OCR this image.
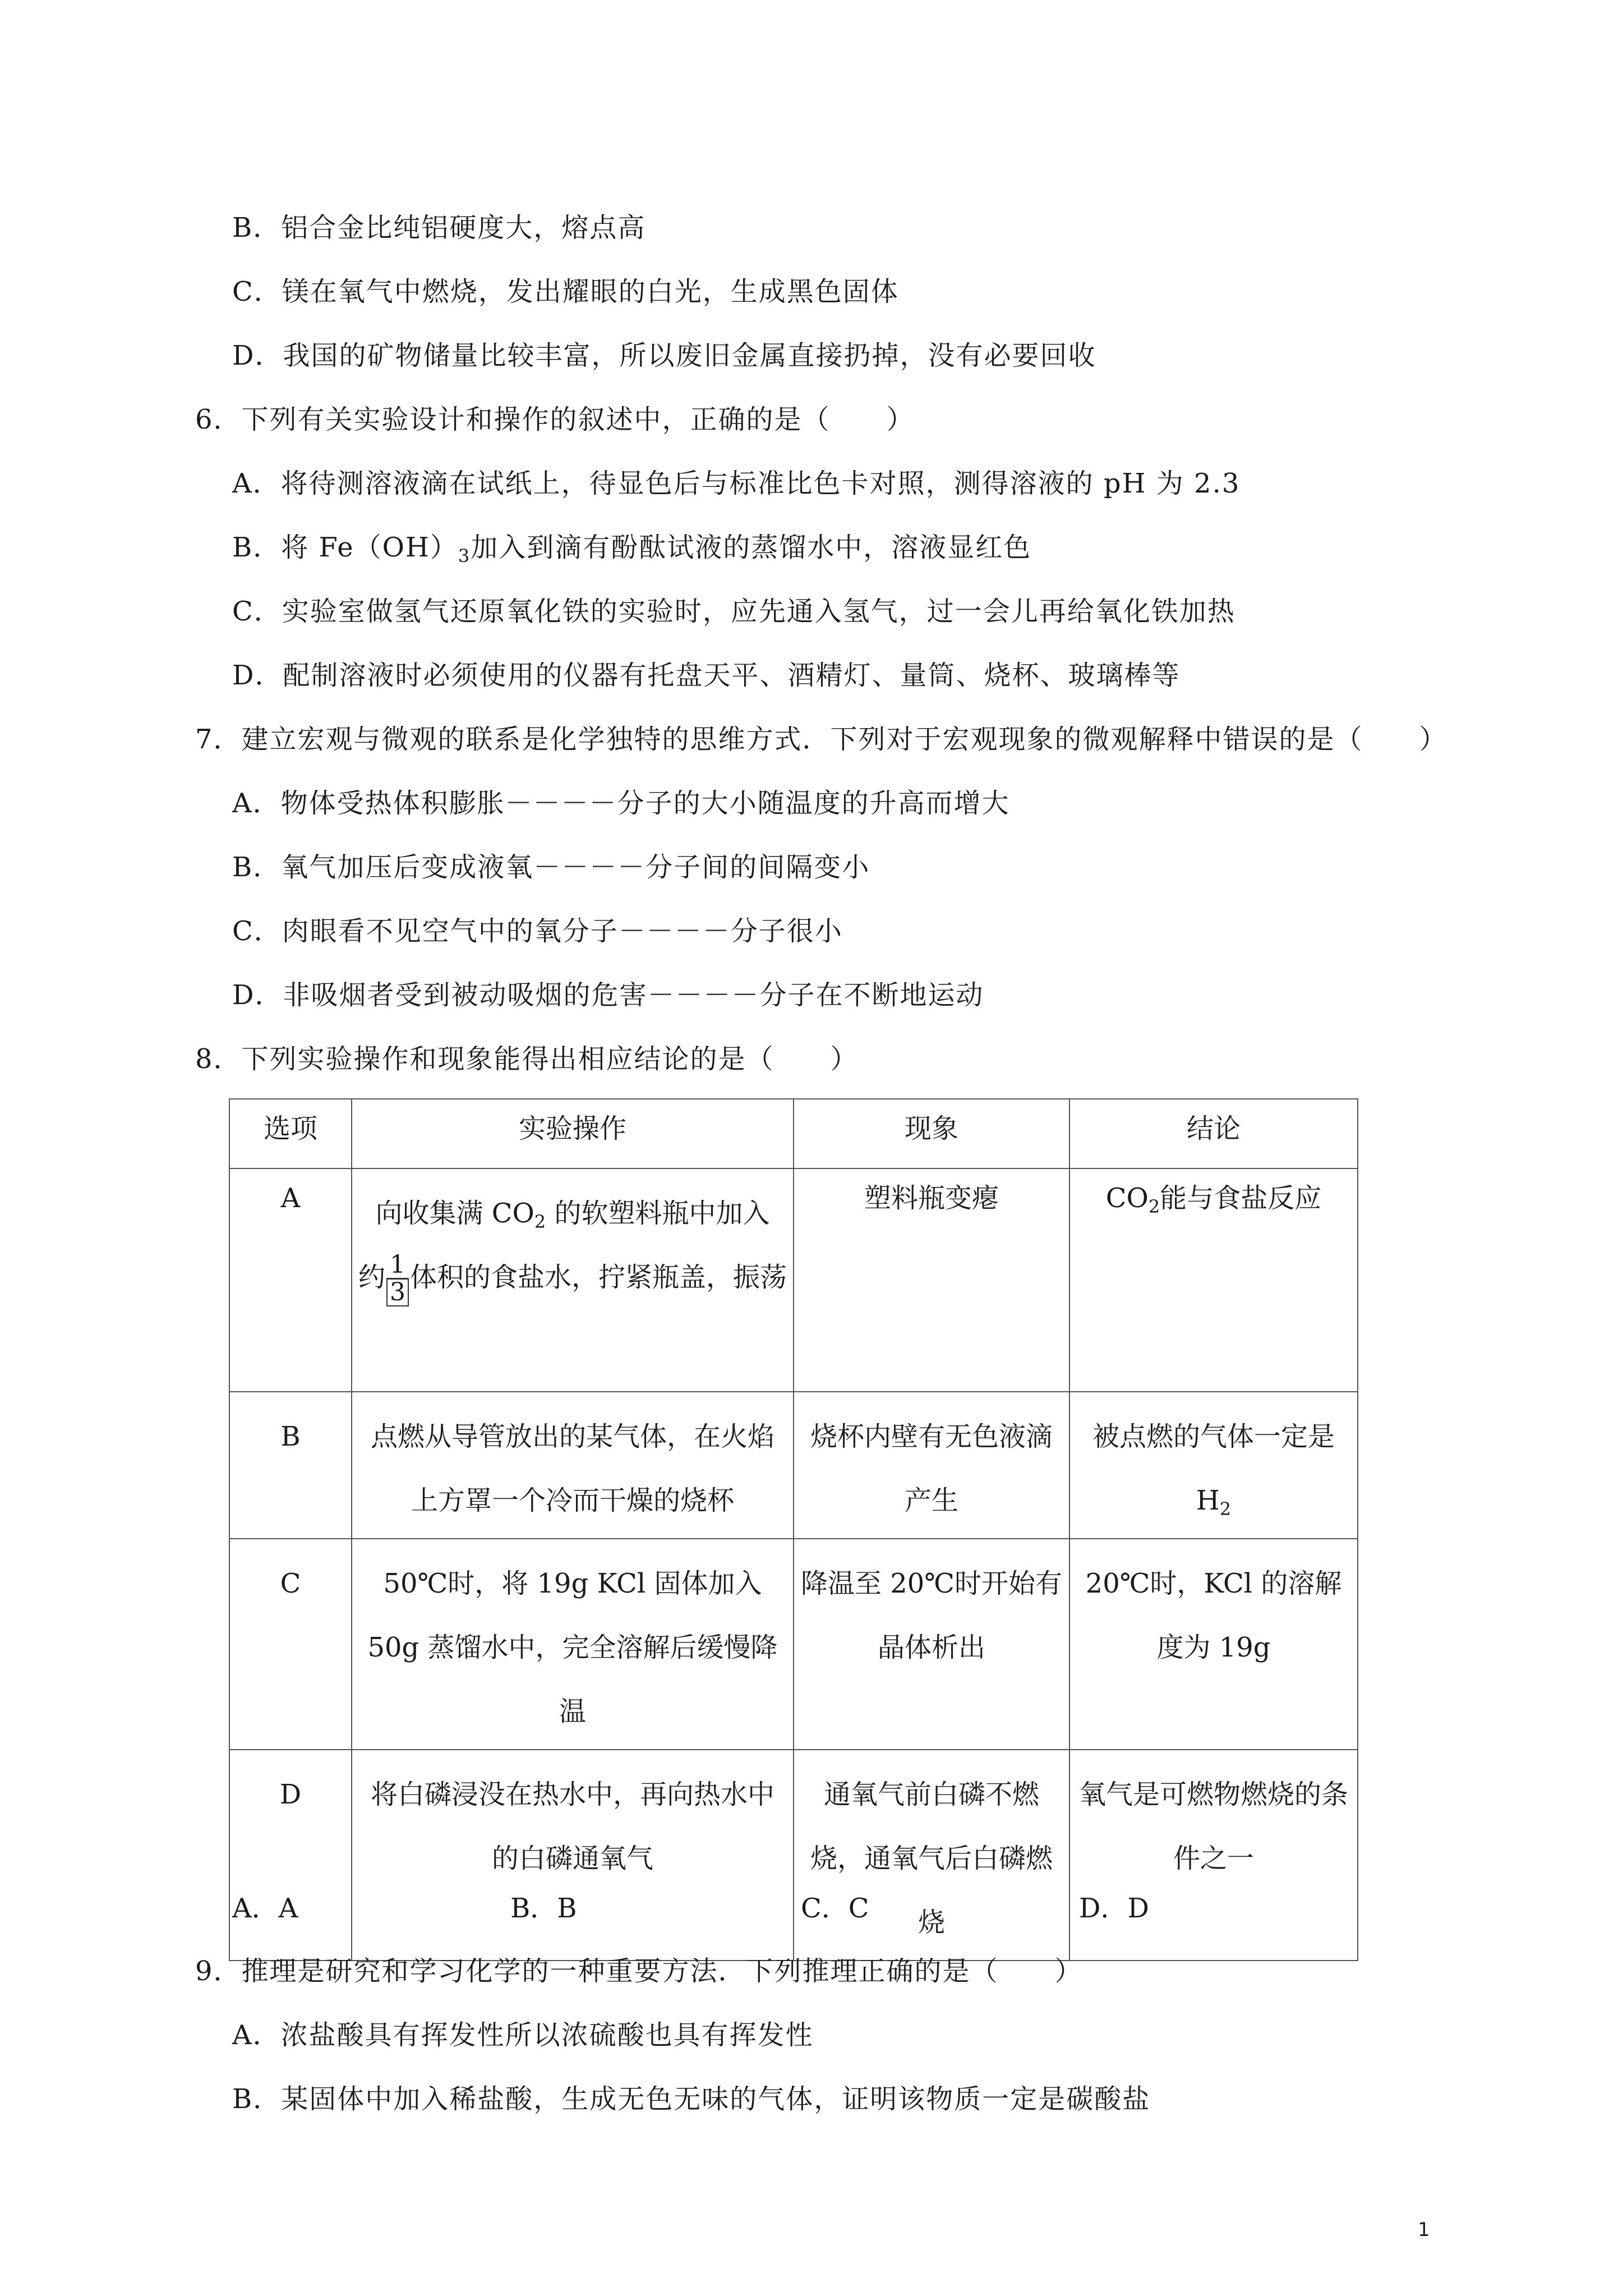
B．铝合金比纯铝硬度大，熔点高
C．镁在氧气中燃烧，发出耀眼的白光，生成黑色固体
D．我国的矿物储量比较丰富，所以废旧金属直接扔掉，没有必要回收
6．下列有关实验设计和操作的叙述中，正确的是（　　）
A．将待测溶液滴在试纸上，待显色后与标准比色卡对照，测得溶液的 pH 为 2.3
B．将 $Fe(OH)_3$加入到滴有酚酞试液的蒸馏水中，溶液显红色
C．实验室做氢气还原氧化铁的实验时，应先通入氢气，过一会儿再给氧化铁加热
D．配制溶液时必须使用的仪器有托盘天平、酒精灯、量筒、烧杯、玻璃棒等
7．建立宏观与微观的联系是化学独特的思维方式．下列对于宏观现象的微观解释中错误的是（　　）
A．物体受热体积膨胀－－－－分子的大小随温度的升高而增大
B．氧气加压后变成液氧－－－－分子间的间隔变小
C．肉眼看不见空气中的氧分子－－－－分子很小
D．非吸烟者受到被动吸烟的危害－－－－分子在不断地运动
8．下列实验操作和现象能得出相应结论的是（　　）
选项	实验操作	现象	结论
A	向收集满 $CO_2$ 的软塑料瓶中加入
约 $\frac{1}{3}$ 体积的食盐水，拧紧瓶盖，振荡	塑料瓶变瘪	$CO_2$能与食盐反应
B	点燃从导管放出的某气体，在火焰上方罩一个冷而干燥的烧杯	烧杯内壁有无色液滴产生	被点燃的气体一定是$H_2$
C	50℃时，将 19g KCl 固体加入 50g 蒸馏水中，完全溶解后缓慢降温	降温至 20℃时开始有晶体析出	20℃时，KCl 的溶解度为 19g
D	将白磷浸没在热水中，再向热水中的白磷通氧气	通氧气前白磷不燃烧，通氧气后白磷燃烧	氧气是可燃物燃烧的条件之一
A．A	B．B	C．C	D．D
9．推理是研究和学习化学的一种重要方法．下列推理正确的是（　　）
A．浓盐酸具有挥发性所以浓硫酸也具有挥发性
B．某固体中加入稀盐酸，生成无色无味的气体，证明该物质一定是碳酸盐
1
